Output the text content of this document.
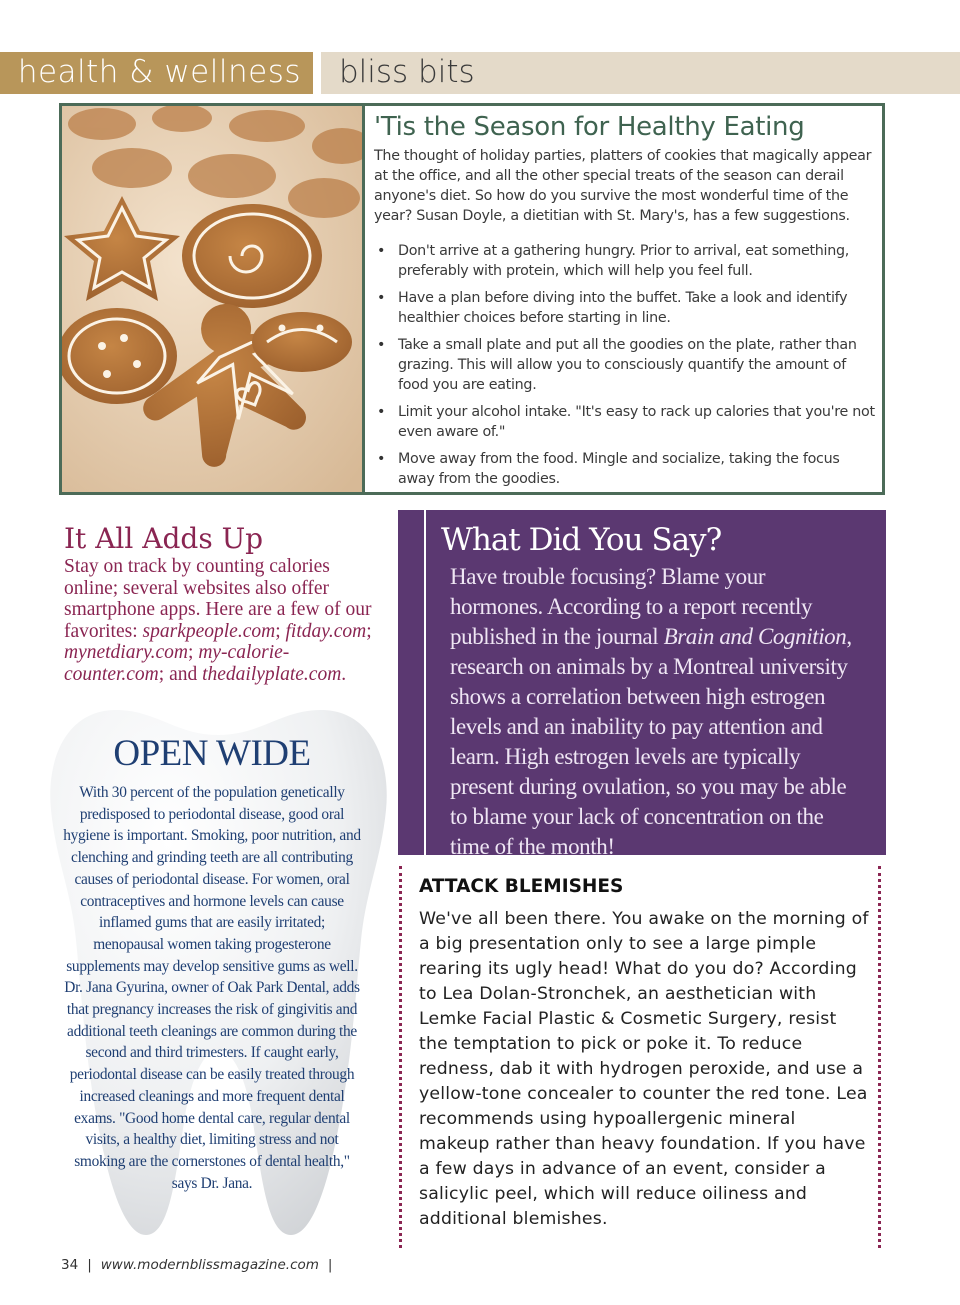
health & wellness bliss bits
'Tis the Season for Healthy Eating

The thought of holiday parties, platters of cookies that magically appear at the office, and all the other special treats of the season can derail anyone's diet. So how do you survive the most wonderful time of the year? Susan Doyle, a dietitian with St. Mary's, has a few suggestions.

• Don't arrive at a gathering hungry. Prior to arrival, eat something, preferably with protein, which will help you feel full.
• Have a plan before diving into the buffet. Take a look and identify healthier choices before starting in line.
• Take a small plate and put all the goodies on the plate, rather than grazing. This will allow you to consciously quantify the amount of food you are eating.
• Limit your alcohol intake. "It's easy to rack up calories that you're not even aware of."
• Move away from the food. Mingle and socialize, taking the focus away from the goodies.
It All Adds Up

Stay on track by counting calories online; several websites also offer smartphone apps. Here are a few of our favorites: sparkpeople.com; fitday.com; mynetdiary.com; my-calorie-counter.com; and thedailyplate.com.

OPEN WIDE

With 30 percent of the population genetically predisposed to periodontal disease, good oral hygiene is important. Smoking, poor nutrition, and clenching and grinding teeth are all contributing causes of periodontal disease. For women, oral contraceptives and hormone levels can cause inflamed gums that are easily irritated; menopausal women taking progesterone supplements may develop sensitive gums as well. Dr. Jana Gyurina, owner of Oak Park Dental, adds that pregnancy increases the risk of gingivitis and additional teeth cleanings are common during the second and third trimesters. If caught early, periodontal disease can be easily treated through increased cleanings and more frequent dental exams. "Good home dental care, regular dental visits, a healthy diet, limiting stress and not smoking are the cornerstones of dental health," says Dr. Jana.

What Did You Say?

Have trouble focusing? Blame your hormones. According to a report recently published in the journal Brain and Cognition, research on animals by a Montreal university shows a correlation between high estrogen levels and an inability to pay attention and learn. High estrogen levels are typically present during ovulation, so you may be able to blame your lack of concentration on the time of the month!

ATTACK BLEMISHES

We've all been there. You awake on the morning of a big presentation only to see a large pimple rearing its ugly head! What do you do? According to Lea Dolan-Stronchek, an aesthetician with Lemke Facial Plastic & Cosmetic Surgery, resist the temptation to pick or poke it. To reduce redness, dab it with hydrogen peroxide, and use a yellow-tone concealer to counter the red tone. Lea recommends using hypoallergenic mineral makeup rather than heavy foundation. If you have a few days in advance of an event, consider a salicylic peel, which will reduce oiliness and additional blemishes.

34 | www.modernblissmagazine.com |
